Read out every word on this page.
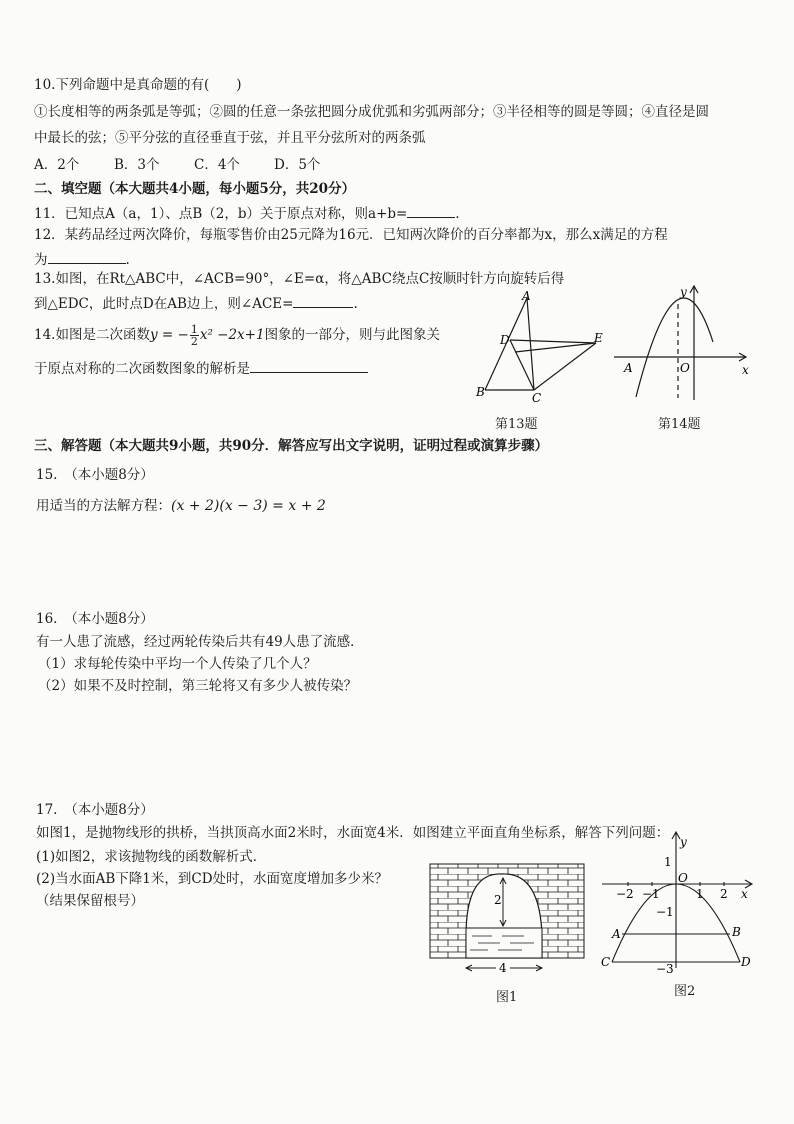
10.下列命题中是真命题的有(　　)
①长度相等的两条弧是等弧；②圆的任意一条弦把圆分成优弧和劣弧两部分；③半径相等的圆是等圆；④直径是圆
中最长的弦；⑤平分弦的直径垂直于弦，并且平分弦所对的两条弧
A．2个	B．3个	C．4个	D．5个
二、填空题（本大题共4小题，每小题5分，共20分）
11．已知点A（a，1）、点B（2，b）关于原点对称，则a+b=	.
12．某药品经过两次降价，每瓶零售价由25元降为16元．已知两次降价的百分率都为x，那么x满足的方程
为	.
13.如图，在Rt△ABC中，∠ACB=90°，∠E=α，将△ABC绕点C按顺时针方向旋转后得
到△EDC，此时点D在AB边上，则∠ACE=	.
14.如图是二次函数y = − $\frac{1}{2} x^2 -2x+1$图象的一部分，则与此图象关
于原点对称的二次函数图象的解析是
A
D	E
B	C
第13题
y
A	O	x
第14题
三、解答题（本大题共9小题，共90分．解答应写出文字说明，证明过程或演算步骤）
15.　（本小题8分）
用适当的方法解方程：(x + 2)(x − 3) = x + 2
16.　（本小题8分）
有一人患了流感，经过两轮传染后共有49人患了流感．
（1）求每轮传染中平均一个人传染了几个人？
（2）如果不及时控制，第三轮将又有多少人被传染？
17.　（本小题8分）
如图1，是抛物线形的拱桥，当拱顶高水面2米时，水面宽4米．如图建立平面直角坐标系，解答下列问题：
(1)如图2，求该抛物线的函数解析式．
(2)当水面AB下降1米，到CD处时，水面宽度增加多少米？
（结果保留根号）	2
4
图1
1
y
−2 −1
O
1 2 x
−1
A	B
C	D
−3
图2
